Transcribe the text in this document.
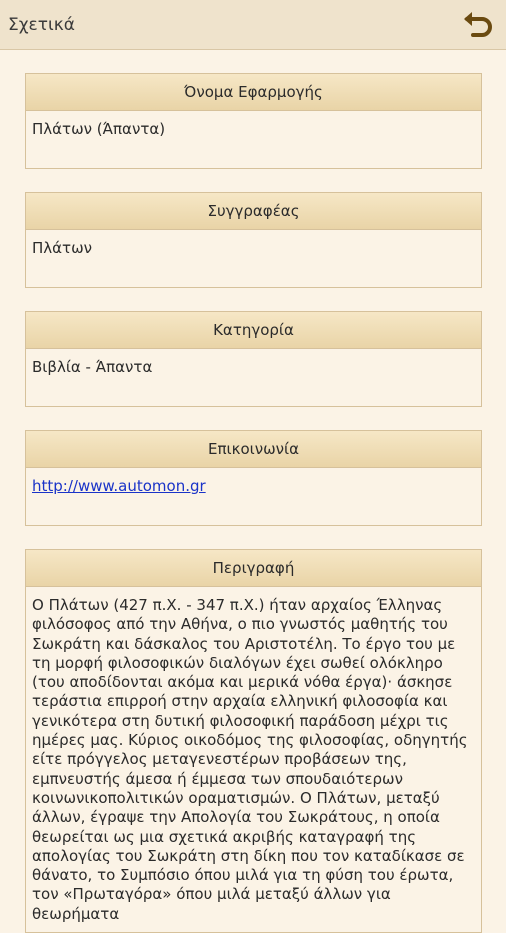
Σχετικά
Όνομα Εφαρμογής
Πλάτων (Άπαντα)
Συγγραφέας
Πλάτων
Κατηγορία
Βιβλία - Άπαντα
Επικοινωνία
http://www.automon.gr
Περιγραφή
Ο Πλάτων (427 π.Χ. - 347 π.Χ.) ήταν αρχαίος Έλληνας φιλόσοφος από την Αθήνα, ο πιο γνωστός μαθητής του Σωκράτη και δάσκαλος του Αριστοτέλη. Το έργο του με τη μορφή φιλοσοφικών διαλόγων έχει σωθεί ολόκληρο (του αποδίδονται ακόμα και μερικά νόθα έργα)· άσκησε τεράστια επιρροή στην αρχαία ελληνική φιλοσοφία και γενικότερα στη δυτική φιλοσοφική παράδοση μέχρι τις ημέρες μας. Κύριος οικοδόμος της φιλοσοφίας, οδηγητής είτε πρόγγελος μεταγενεστέρων προβάσεων της, εμπνευστής άμεσα ή έμμεσα των σπουδαιότερων κοινωνικοπολιτικών οραματισμών. Ο Πλάτων, μεταξύ άλλων, έγραψε την Απολογία του Σωκράτους, η οποία θεωρείται ως μια σχετικά ακριβής καταγραφή της απολογίας του Σωκράτη στη δίκη που τον καταδίκασε σε θάνατο, το Συμπόσιο όπου μιλά για τη φύση του έρωτα, τον «Πρωταγόρα» όπου μιλά μεταξύ άλλων για θεωρήματα
